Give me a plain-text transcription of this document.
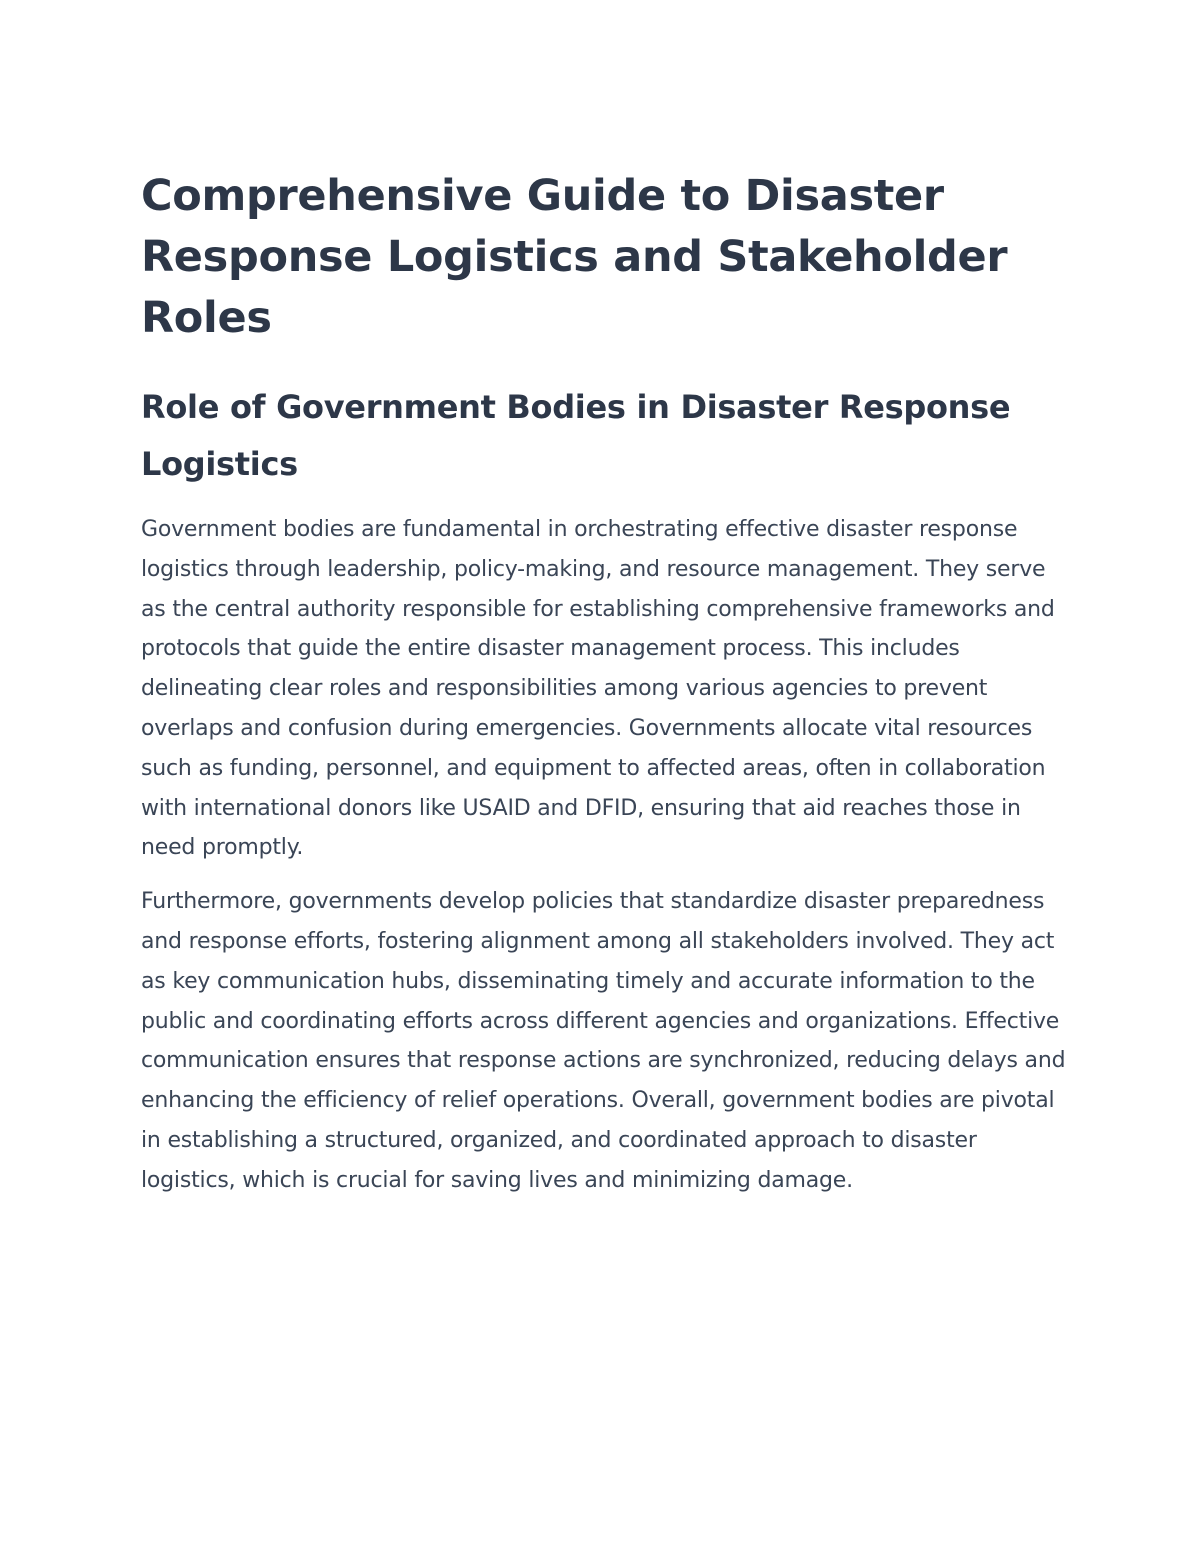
Comprehensive Guide to Disaster Response Logistics and Stakeholder Roles
Role of Government Bodies in Disaster Response Logistics

Government bodies are fundamental in orchestrating effective disaster response logistics through leadership, policy-making, and resource management. They serve as the central authority responsible for establishing comprehensive frameworks and protocols that guide the entire disaster management process. This includes delineating clear roles and responsibilities among various agencies to prevent overlaps and confusion during emergencies. Governments allocate vital resources such as funding, personnel, and equipment to affected areas, often in collaboration with international donors like USAID and DFID, ensuring that aid reaches those in need promptly.

Furthermore, governments develop policies that standardize disaster preparedness and response efforts, fostering alignment among all stakeholders involved. They act as key communication hubs, disseminating timely and accurate information to the public and coordinating efforts across different agencies and organizations. Effective communication ensures that response actions are synchronized, reducing delays and enhancing the efficiency of relief operations. Overall, government bodies are pivotal in establishing a structured, organized, and coordinated approach to disaster logistics, which is crucial for saving lives and minimizing damage.
